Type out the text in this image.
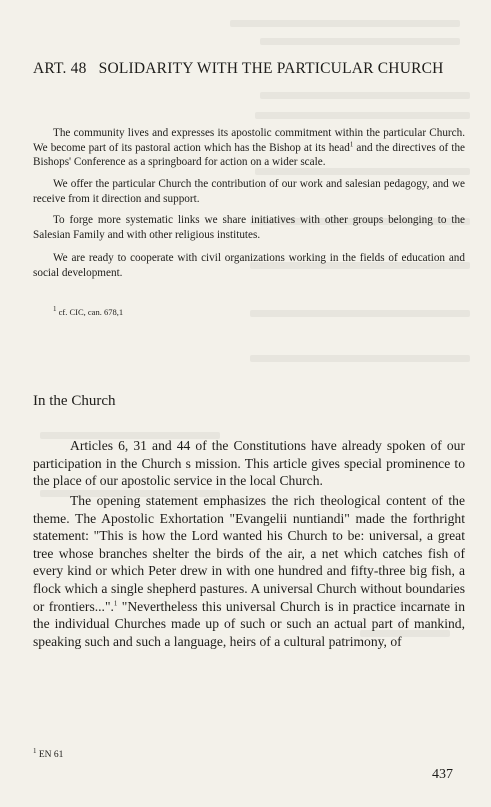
ART. 48 SOLIDARITY WITH THE PARTICULAR CHURCH

The community lives and expresses its apostolic commitment within the particular Church. We become part of its pastoral action which has the Bishop at its head$^1$ and the directives of the Bishops' Conference as a springboard for action on a wider scale.

We offer the particular Church the contribution of our work and salesian pedagogy, and we receive from it direction and support.

To forge more systematic links we share initiatives with other groups belonging to the Salesian Family and with other religious institutes.

We are ready to cooperate with civil organizations working in the fields of education and social development.

$^1$ cf. CIC, can. 678,1
In the Church

Articles 6, 31 and 44 of the Constitutions have already spoken of our participation in the Church s mission. This article gives special prominence to the place of our apostolic service in the local Church.

The opening statement emphasizes the rich theological content of the theme. The Apostolic Exhortation "Evangelii nuntiandi" made the forthright statement: "This is how the Lord wanted his Church to be: universal, a great tree whose branches shelter the birds of the air, a net which catches fish of every kind or which Peter drew in with one hundred and fifty-three big fish, a flock which a single shepherd pastures. A universal Church without boundaries or frontiers...".$^1$ "Nevertheless this universal Church is in practice incarnate in the individual Churches made up of such or such an actual part of mankind, speaking such and such a language, heirs of a cultural patrimony, of

$^1$ EN 61
437
